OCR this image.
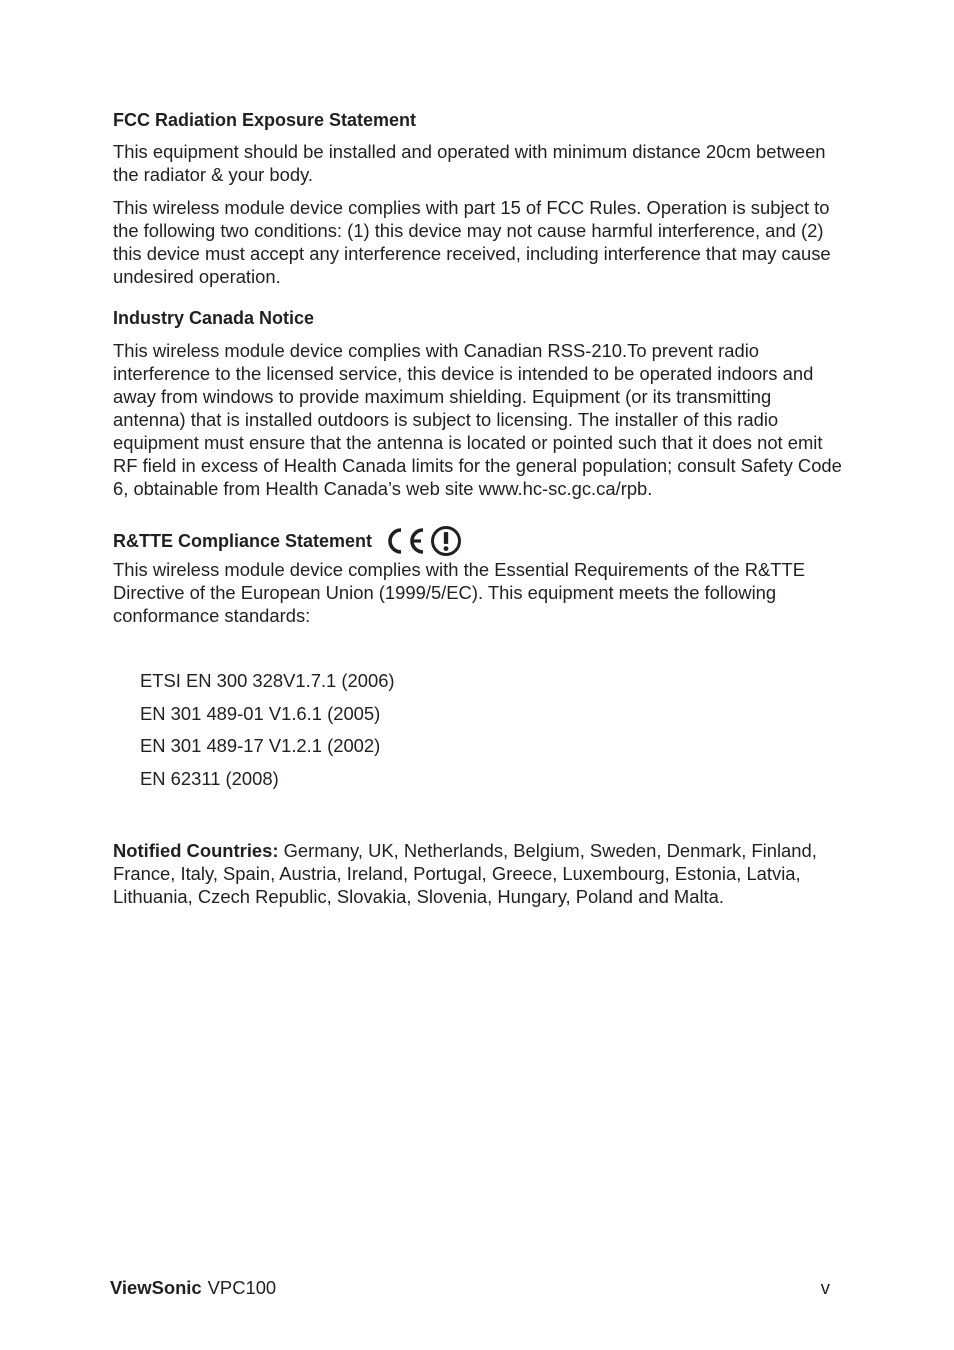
FCC Radiation Exposure Statement

This equipment should be installed and operated with minimum distance 20cm between the radiator & your body.

This wireless module device complies with part 15 of FCC Rules. Operation is subject to the following two conditions: (1) this device may not cause harmful interference, and (2) this device must accept any interference received, including interference that may cause undesired operation.

Industry Canada Notice

This wireless module device complies with Canadian RSS-210.To prevent radio interference to the licensed service, this device is intended to be operated indoors and away from windows to provide maximum shielding. Equipment (or its transmitting antenna) that is installed outdoors is subject to licensing. The installer of this radio equipment must ensure that the antenna is located or pointed such that it does not emit RF field in excess of Health Canada limits for the general population; consult Safety Code 6, obtainable from Health Canada’s web site www.hc-sc.gc.ca/rpb.

R&TTE Compliance Statement

This wireless module device complies with the Essential Requirements of the R&TTE Directive of the European Union (1999/5/EC). This equipment meets the following conformance standards:

ETSI EN 300 328V1.7.1 (2006)
EN 301 489-01 V1.6.1 (2005)
EN 301 489-17 V1.2.1 (2002)
EN 62311 (2008)

Notified Countries: Germany, UK, Netherlands, Belgium, Sweden, Denmark, Finland, France, Italy, Spain, Austria, Ireland, Portugal, Greece, Luxembourg, Estonia, Latvia, Lithuania, Czech Republic, Slovakia, Slovenia, Hungary, Poland and Malta.

ViewSonic VPC100	v
